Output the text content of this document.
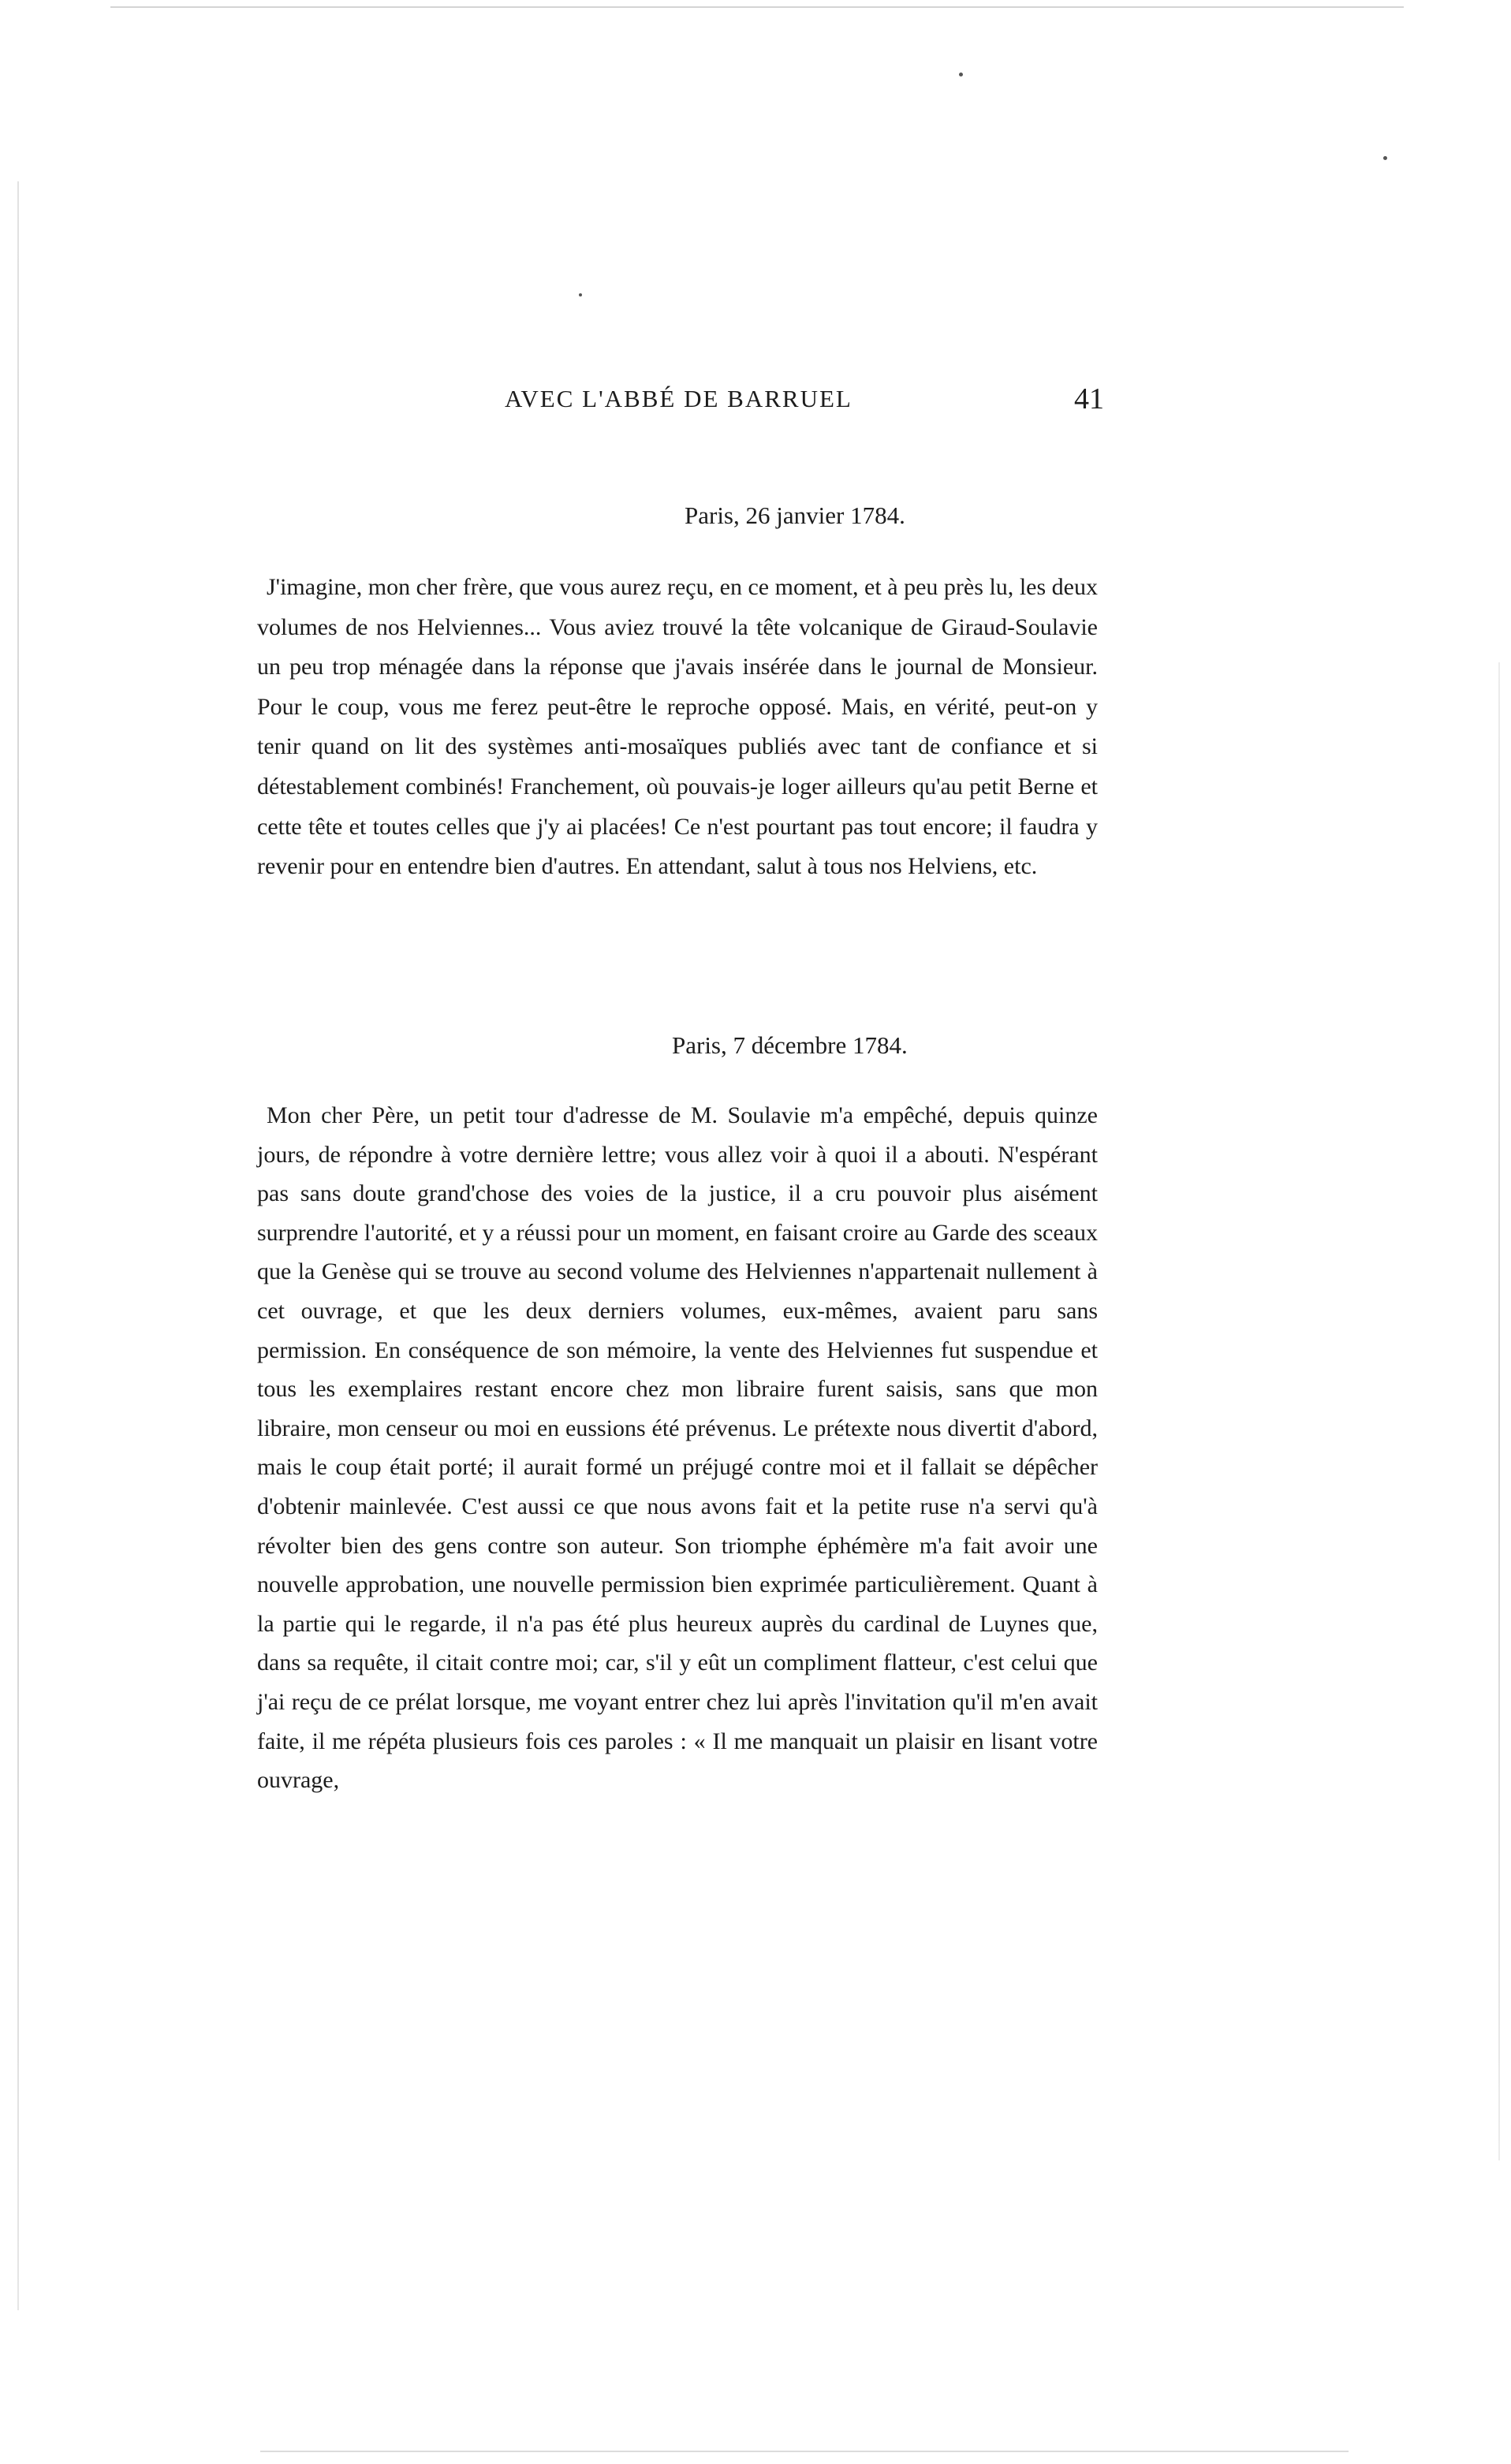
AVEC L'ABBÉ DE BARRUEL	41
Paris, 26 janvier 1784.

J'imagine, mon cher frère, que vous aurez reçu, en ce moment, et à peu près lu, les deux volumes de nos Helviennes... Vous aviez trouvé la tête volcanique de Giraud-Soulavie un peu trop ménagée dans la réponse que j'avais insérée dans le journal de Monsieur. Pour le coup, vous me ferez peut-être le reproche opposé. Mais, en vérité, peut-on y tenir quand on lit des systèmes anti-mosaïques publiés avec tant de confiance et si détestablement combinés! Franchement, où pouvais-je loger ailleurs qu'au petit Berne et cette tête et toutes celles que j'y ai placées! Ce n'est pourtant pas tout encore; il faudra y revenir pour en entendre bien d'autres. En attendant, salut à tous nos Helviens, etc.

Paris, 7 décembre 1784.

Mon cher Père, un petit tour d'adresse de M. Soulavie m'a empêché, depuis quinze jours, de répondre à votre dernière lettre; vous allez voir à quoi il a abouti. N'espérant pas sans doute grand'chose des voies de la justice, il a cru pouvoir plus aisément surprendre l'autorité, et y a réussi pour un moment, en faisant croire au Garde des sceaux que la Genèse qui se trouve au second volume des Helviennes n'appartenait nullement à cet ouvrage, et que les deux derniers volumes, eux-mêmes, avaient paru sans permission. En conséquence de son mémoire, la vente des Helviennes fut suspendue et tous les exemplaires restant encore chez mon libraire furent saisis, sans que mon libraire, mon censeur ou moi en eussions été prévenus. Le prétexte nous divertit d'abord, mais le coup était porté; il aurait formé un préjugé contre moi et il fallait se dépêcher d'obtenir mainlevée. C'est aussi ce que nous avons fait et la petite ruse n'a servi qu'à révolter bien des gens contre son auteur. Son triomphe éphémère m'a fait avoir une nouvelle approbation, une nouvelle permission bien exprimée particulièrement. Quant à la partie qui le regarde, il n'a pas été plus heureux auprès du cardinal de Luynes que, dans sa requête, il citait contre moi; car, s'il y eût un compliment flatteur, c'est celui que j'ai reçu de ce prélat lorsque, me voyant entrer chez lui après l'invitation qu'il m'en avait faite, il me répéta plusieurs fois ces paroles : « Il me manquait un plaisir en lisant votre ouvrage,
